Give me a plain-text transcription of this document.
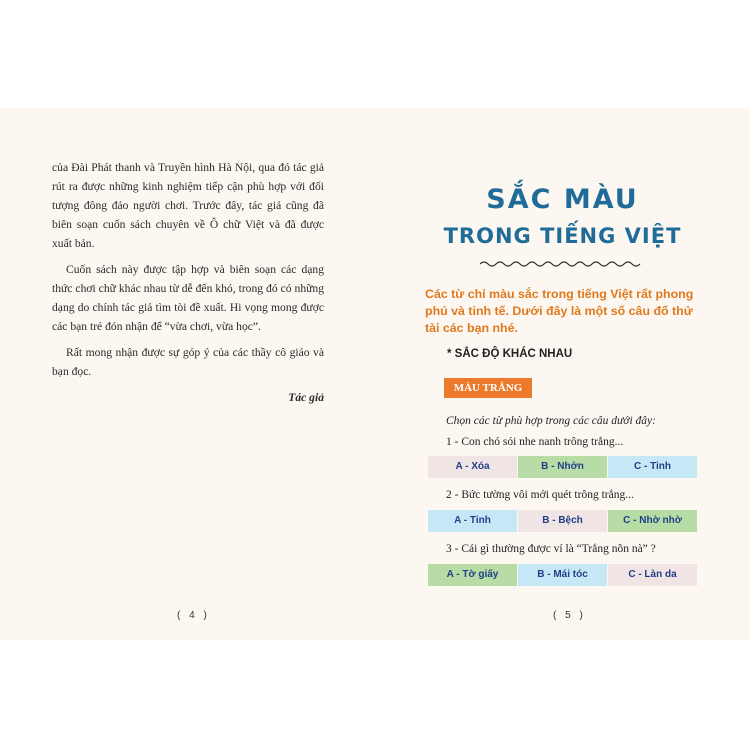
của Đài Phát thanh và Truyền hình Hà Nội, qua đó tác giả rút ra được những kinh nghiệm tiếp cận phù hợp với đối tượng đông đảo người chơi. Trước đây, tác giả cũng đã biên soạn cuốn sách chuyên về Ô chữ Việt và đã được xuất bản.

Cuốn sách này được tập hợp và biên soạn các dạng thức chơi chữ khác nhau từ dễ đến khó, trong đó có những dạng do chính tác giả tìm tòi đề xuất. Hi vọng mong được các bạn trẻ đón nhận để “vừa chơi, vừa học”.

Rất mong nhận được sự góp ý của các thầy cô giáo và bạn đọc.

Tác giả
( 4 )
SẮC MÀU
TRONG TIẾNG VIỆT
Các từ chỉ màu sắc trong tiếng Việt rất phong phú và tinh tế. Dưới đây là một số câu đố thử tài các bạn nhé.
* SẮC ĐỘ KHÁC NHAU
MÀU TRẮNG
Chọn các từ phù hợp trong các câu dưới đây:
1 - Con chó sói nhe nanh trông trắng...
A - Xóa	B - Nhởn	C - Tinh
2 - Bức tường vôi mới quét trông trắng...
A - Tinh	B - Bệch	C - Nhờ nhờ
3 - Cái gì thường được ví là “Trắng nõn nà” ?
A - Tờ giấy	B - Mái tóc	C - Làn da
( 5 )
